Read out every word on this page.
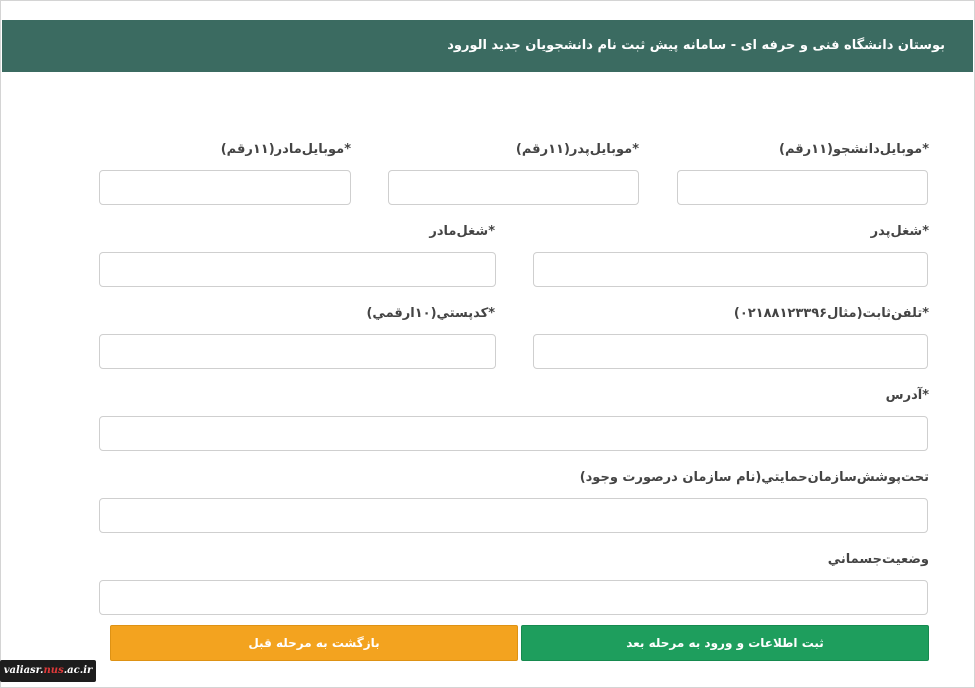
بوستان دانشگاه فنی و حرفه ای - سامانه پیش ثبت نام دانشجویان جدید الورود
*موبایل‌دانشجو(۱۱رقم)
*موبایل‌پدر(۱۱رقم)
*موبایل‌مادر(۱۱رقم)
*شغل‌پدر
*شغل‌مادر
*تلفن‌ثابت(مثال۰۲۱۸۸۱۲۳۳۹۶)
*کدپستي(۱۰ارقمي)
*آدرس
تحت‌پوشش‌سازمان‌حمايتي(نام سازمان درصورت وجود)
وضعیت‌جسماني
ثبت اطلاعات و ورود به مرحله بعد
بازگشت به مرحله قبل
valiasr.nus.ac.ir
